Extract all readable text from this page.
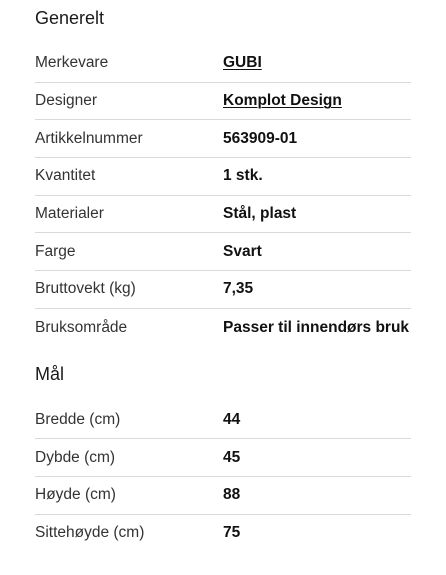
Generelt
Merkevare	GUBI
Designer	Komplot Design
Artikkelnummer	563909-01
Kvantitet	1 stk.
Materialer	Stål, plast
Farge	Svart
Bruttovekt (kg)	7,35
Bruksområde	Passer til innendørs bruk
Mål
Bredde (cm)	44
Dybde (cm)	45
Høyde (cm)	88
Sittehøyde (cm)	75
